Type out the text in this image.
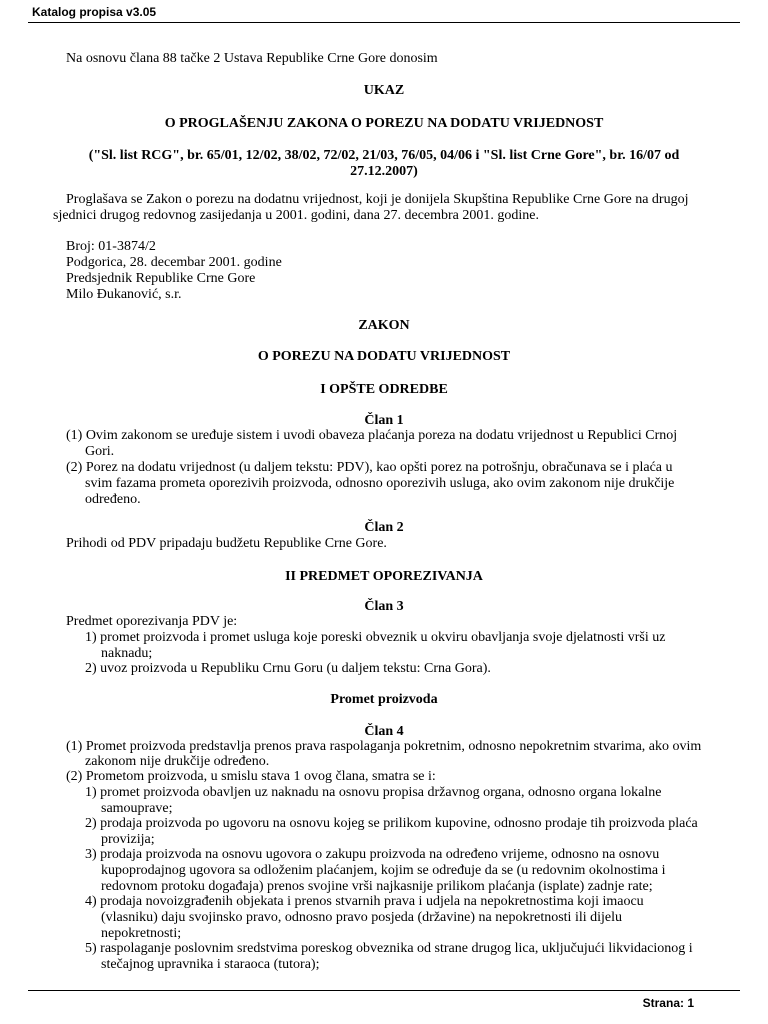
Katalog propisa v3.05
Na osnovu člana 88 tačke 2 Ustava Republike Crne Gore donosim
UKAZ
O PROGLAŠENJU ZAKONA O POREZU NA DODATU VRIJEDNOST
("Sl. list RCG", br. 65/01, 12/02, 38/02, 72/02, 21/03, 76/05, 04/06 i "Sl. list Crne Gore", br. 16/07 od
27.12.2007)
Proglašava se Zakon o porezu na dodatnu vrijednost, koji je donijela Skupština Republike Crne Gore na drugoj
sjednici drugog redovnog zasijedanja u 2001. godini, dana 27. decembra 2001. godine.
Broj: 01-3874/2
Podgorica, 28. decembar 2001. godine
Predsjednik Republike Crne Gore
Milo Đukanović, s.r.
ZAKON
O POREZU NA DODATU VRIJEDNOST
I OPŠTE ODREDBE
Član 1
(1) Ovim zakonom se uređuje sistem i uvodi obaveza plaćanja poreza na dodatu vrijednost u Republici Crnoj
Gori.
(2) Porez na dodatu vrijednost (u daljem tekstu: PDV), kao opšti porez na potrošnju, obračunava se i plaća u
svim fazama prometa oporezivih proizvoda, odnosno oporezivih usluga, ako ovim zakonom nije drukčije
određeno.
Član 2
Prihodi od PDV pripadaju budžetu Republike Crne Gore.
II PREDMET OPOREZIVANJA
Član 3
Predmet oporezivanja PDV je:
1) promet proizvoda i promet usluga koje poreski obveznik u okviru obavljanja svoje djelatnosti vrši uz
naknadu;
2) uvoz proizvoda u Republiku Crnu Goru (u daljem tekstu: Crna Gora).
Promet proizvoda
Član 4
(1) Promet proizvoda predstavlja prenos prava raspolaganja pokretnim, odnosno nepokretnim stvarima, ako ovim
zakonom nije drukčije određeno.
(2) Prometom proizvoda, u smislu stava 1 ovog člana, smatra se i:
1) promet proizvoda obavljen uz naknadu na osnovu propisa državnog organa, odnosno organa lokalne
samouprave;
2) prodaja proizvoda po ugovoru na osnovu kojeg se prilikom kupovine, odnosno prodaje tih proizvoda plaća
provizija;
3) prodaja proizvoda na osnovu ugovora o zakupu proizvoda na određeno vrijeme, odnosno na osnovu
kupoprodajnog ugovora sa odloženim plaćanjem, kojim se određuje da se (u redovnim okolnostima i
redovnom protoku događaja) prenos svojine vrši najkasnije prilikom plaćanja (isplate) zadnje rate;
4) prodaja novoizgrađenih objekata i prenos stvarnih prava i udjela na nepokretnostima koji imaocu
(vlasniku) daju svojinsko pravo, odnosno pravo posjeda (državine) na nepokretnosti ili dijelu
nepokretnosti;
5) raspolaganje poslovnim sredstvima poreskog obveznika od strane drugog lica, uključujući likvidacionog i
stečajnog upravnika i staraoca (tutora);
Strana: 1
